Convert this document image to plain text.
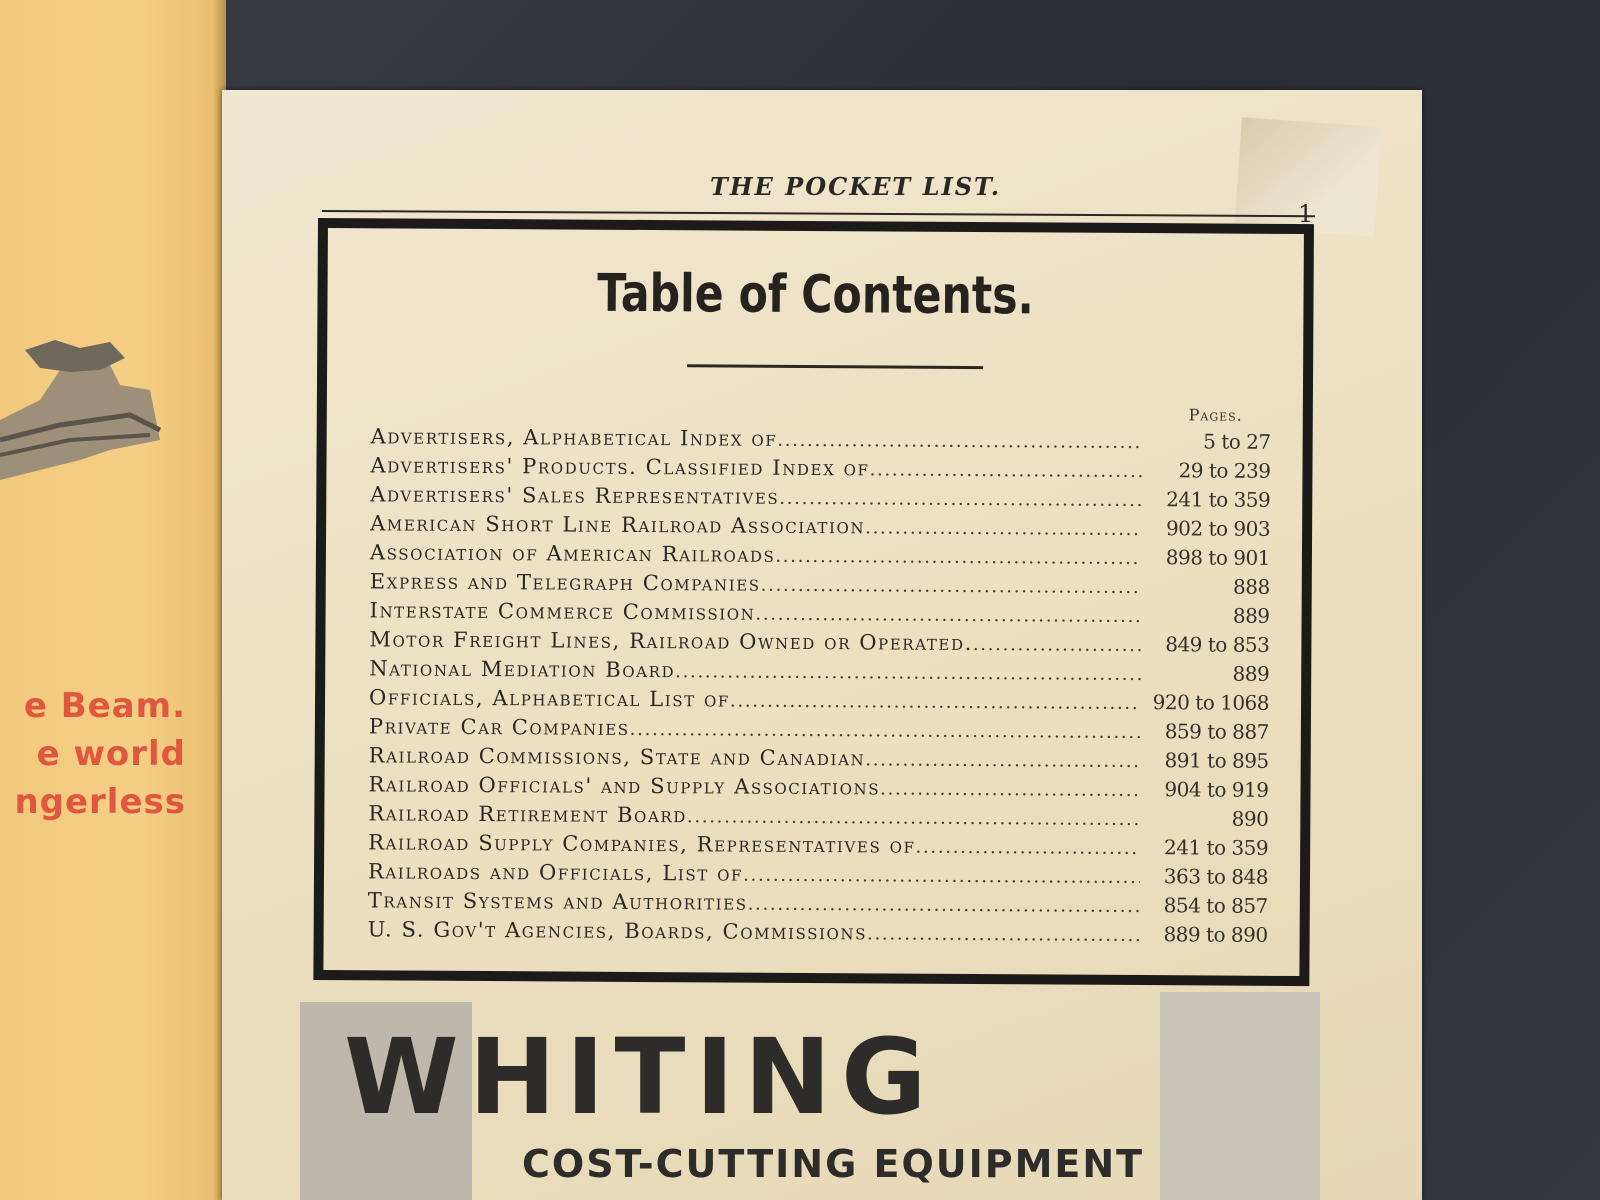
e Beam.
e world
ngerless
THE POCKET LIST.
1
Table of Contents.
Pages.
Advertisers, Alphabetical Index of . . .	5 to 27
Advertisers' Products. Classified Index of . . .	29 to 239
Advertisers' Sales Representatives . . .	241 to 359
American Short Line Railroad Association . . .	902 to 903
Association of American Railroads . . .	898 to 901
Express and Telegraph Companies . . .	888
Interstate Commerce Commission . . .	889
Motor Freight Lines, Railroad Owned or Operated. . . .	849 to 853
National Mediation Board . . .	889
Officials, Alphabetical List of . . .	920 to 1068
Private Car Companies . . .	859 to 887
Railroad Commissions, State and Canadian . . .	891 to 895
Railroad Officials' and Supply Associations . . .	904 to 919
Railroad Retirement Board . . .	890
Railroad Supply Companies, Representatives of . . .	241 to 359
Railroads and Officials, List of . . .	363 to 848
Transit Systems and Authorities . . .	854 to 857
U. S. Gov't Agencies, Boards, Commissions . . .	889 to 890
WHITING
COST-CUTTING EQUIPMENT
